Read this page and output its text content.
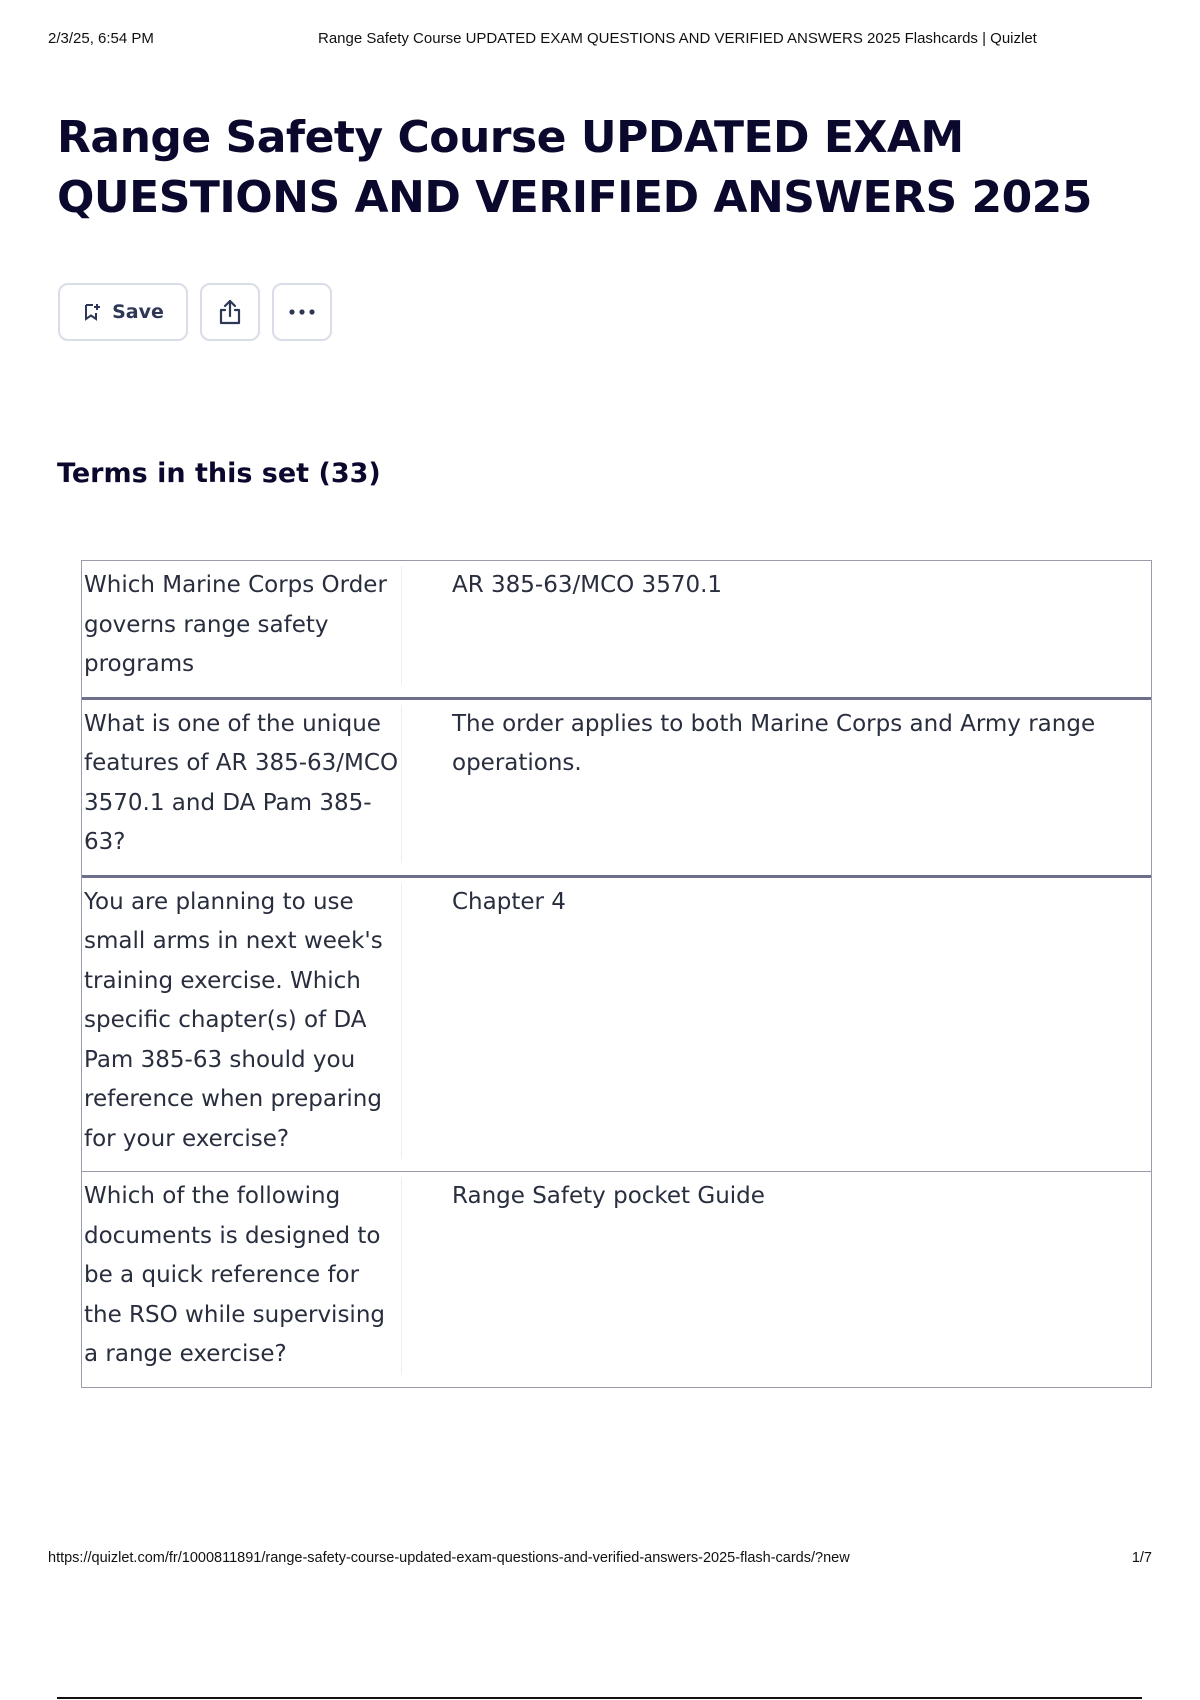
2/3/25, 6:54 PM	Range Safety Course UPDATED EXAM QUESTIONS AND VERIFIED ANSWERS 2025 Flashcards | Quizlet
Range Safety Course UPDATED EXAM QUESTIONS AND VERIFIED ANSWERS 2025
Save
Terms in this set (33)
Which Marine Corps Order governs range safety programs
AR 385-63/MCO 3570.1
What is one of the unique features of AR 385-63/MCO 3570.1 and DA Pam 385-63?
The order applies to both Marine Corps and Army range operations.
You are planning to use small arms in next week's training exercise. Which specific chapter(s) of DA Pam 385-63 should you reference when preparing for your exercise?
Chapter 4
Which of the following documents is designed to be a quick reference for the RSO while supervising a range exercise?
Range Safety pocket Guide
https://quizlet.com/fr/1000811891/range-safety-course-updated-exam-questions-and-verified-answers-2025-flash-cards/?new	1/7
